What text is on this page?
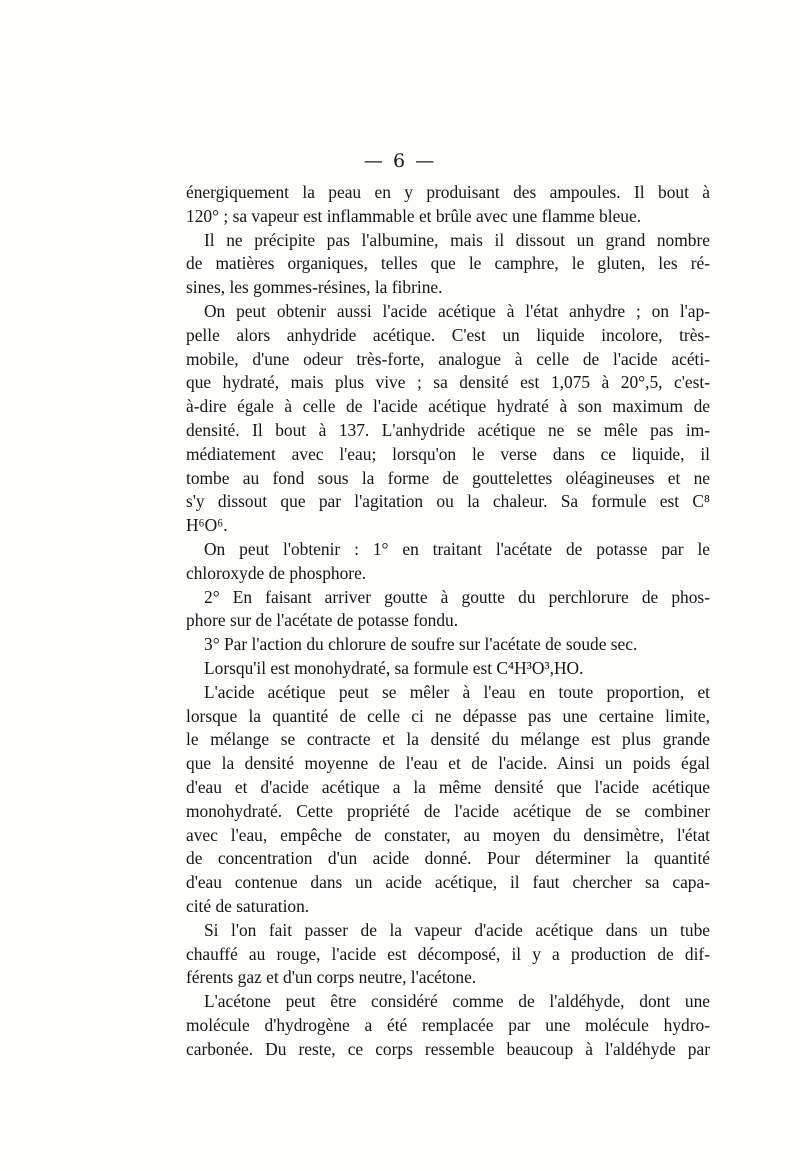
— 6 —
énergiquement la peau en y produisant des ampoules. Il bout à
120° ; sa vapeur est inflammable et brûle avec une flamme bleue.
Il ne précipite pas l'albumine, mais il dissout un grand nombre
de matières organiques, telles que le camphre, le gluten, les ré-
sines, les gommes-résines, la fibrine.
On peut obtenir aussi l'acide acétique à l'état anhydre ; on l'ap-
pelle alors anhydride acétique. C'est un liquide incolore, très-
mobile, d'une odeur très-forte, analogue à celle de l'acide acéti-
que hydraté, mais plus vive ; sa densité est 1,075 à 20°,5, c'est-
à-dire égale à celle de l'acide acétique hydraté à son maximum de
densité. Il bout à 137. L'anhydride acétique ne se mêle pas im-
médiatement avec l'eau; lorsqu'on le verse dans ce liquide, il
tombe au fond sous la forme de gouttelettes oléagineuses et ne
s'y dissout que par l'agitation ou la chaleur. Sa formule est C⁸
H⁶O⁶.
On peut l'obtenir : 1° en traitant l'acétate de potasse par le
chloroxyde de phosphore.
2° En faisant arriver goutte à goutte du perchlorure de phos-
phore sur de l'acétate de potasse fondu.
3° Par l'action du chlorure de soufre sur l'acétate de soude sec.
Lorsqu'il est monohydraté, sa formule est C⁴H³O³,HO.
L'acide acétique peut se mêler à l'eau en toute proportion, et
lorsque la quantité de celle ci ne dépasse pas une certaine limite,
le mélange se contracte et la densité du mélange est plus grande
que la densité moyenne de l'eau et de l'acide. Ainsi un poids égal
d'eau et d'acide acétique a la même densité que l'acide acétique
monohydraté. Cette propriété de l'acide acétique de se combiner
avec l'eau, empêche de constater, au moyen du densimètre, l'état
de concentration d'un acide donné. Pour déterminer la quantité
d'eau contenue dans un acide acétique, il faut chercher sa capa-
cité de saturation.
Si l'on fait passer de la vapeur d'acide acétique dans un tube
chauffé au rouge, l'acide est décomposé, il y a production de dif-
férents gaz et d'un corps neutre, l'acétone.
L'acétone peut être considéré comme de l'aldéhyde, dont une
molécule d'hydrogène a été remplacée par une molécule hydro-
carbonée. Du reste, ce corps ressemble beaucoup à l'aldéhyde par
